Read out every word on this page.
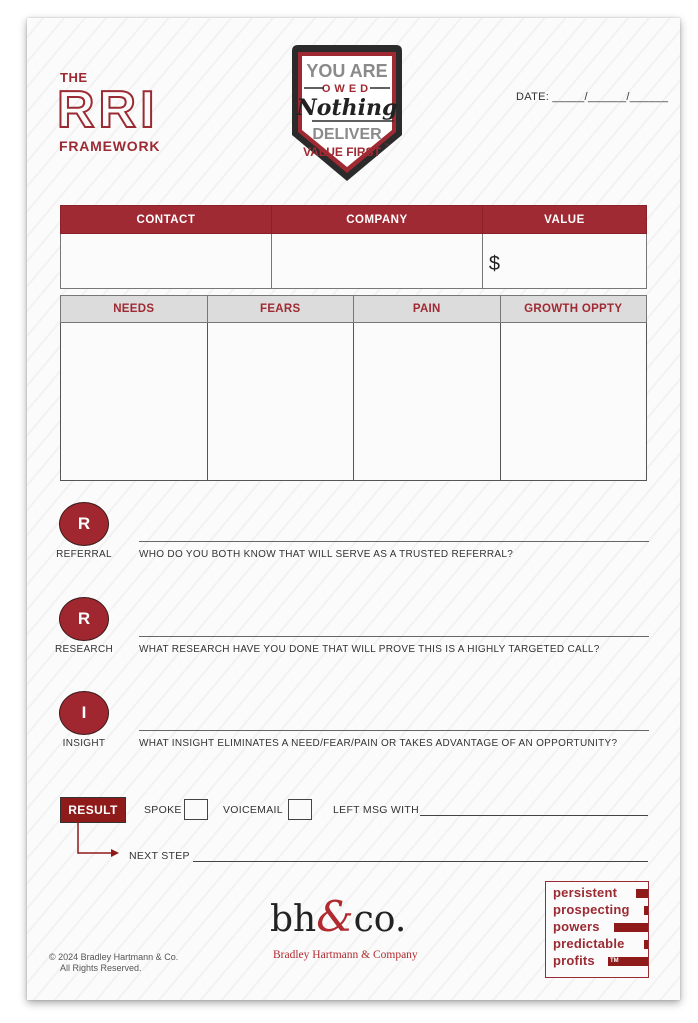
THE
RRI
FRAMEWORK
YOU ARE
OWED
Nothing
DELIVER
VALUE FIRST
TM
DATE: _____/______/______
CONTACT	COMPANY	VALUE
		$
NEEDS	FEARS	PAIN	GROWTH OPPTY

R
REFERRAL	WHO DO YOU BOTH KNOW THAT WILL SERVE AS A TRUSTED REFERRAL?
R
RESEARCH	WHAT RESEARCH HAVE YOU DONE THAT WILL PROVE THIS IS A HIGHLY TARGETED CALL?
I
INSIGHT	WHAT INSIGHT ELIMINATES A NEED/FEAR/PAIN OR TAKES ADVANTAGE OF AN OPPORTUNITY?
RESULT	SPOKE	VOICEMAIL	LEFT MSG WITH
NEXT STEP
© 2024 Bradley Hartmann & Co.
All Rights Reserved.
bh & co.
Bradley Hartmann & Company
persistent
prospecting
powers
predictable
profits	TM
